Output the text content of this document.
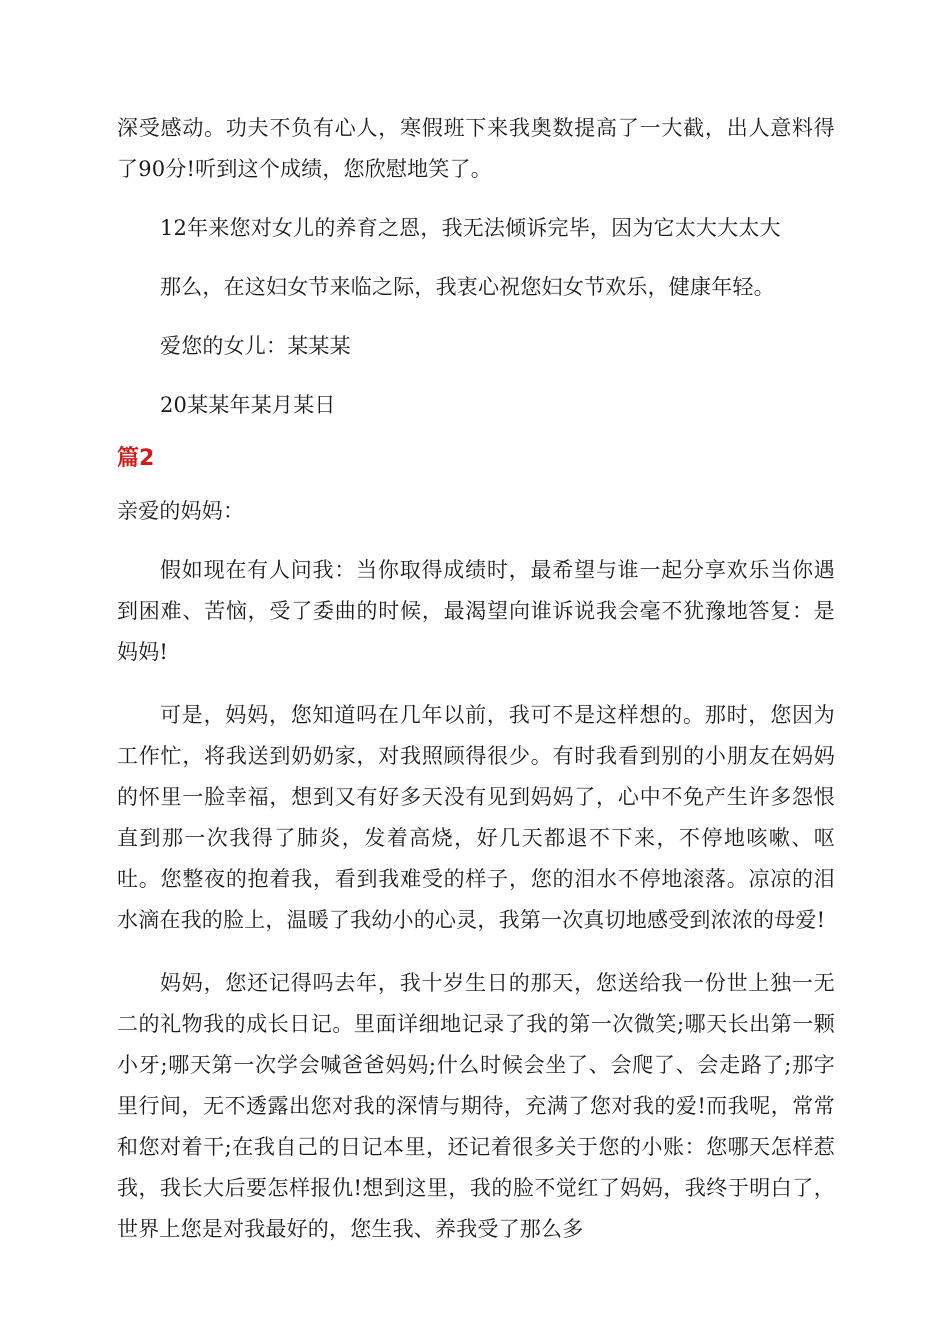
深受感动。功夫不负有心人，寒假班下来我奥数提高了一大截，出人意料得了90分!听到这个成绩，您欣慰地笑了。

12年来您对女儿的养育之恩，我无法倾诉完毕，因为它太大大太大

那么，在这妇女节来临之际，我衷心祝您妇女节欢乐，健康年轻。

爱您的女儿：某某某

20某某年某月某日

篇2

亲爱的妈妈：

假如现在有人问我：当你取得成绩时，最希望与谁一起分享欢乐当你遇到困难、苦恼，受了委曲的时候，最渴望向谁诉说我会毫不犹豫地答复：是妈妈!

可是，妈妈，您知道吗在几年以前，我可不是这样想的。那时，您因为工作忙，将我送到奶奶家，对我照顾得很少。有时我看到别的小朋友在妈妈的怀里一脸幸福，想到又有好多天没有见到妈妈了，心中不免产生许多怨恨直到那一次我得了肺炎，发着高烧，好几天都退不下来，不停地咳嗽、呕吐。您整夜的抱着我，看到我难受的样子，您的泪水不停地滚落。凉凉的泪水滴在我的脸上，温暖了我幼小的心灵，我第一次真切地感受到浓浓的母爱!

妈妈，您还记得吗去年，我十岁生日的那天，您送给我一份世上独一无二的礼物我的成长日记。里面详细地记录了我的第一次微笑;哪天长出第一颗小牙;哪天第一次学会喊爸爸妈妈;什么时候会坐了、会爬了、会走路了;那字里行间，无不透露出您对我的深情与期待，充满了您对我的爱!而我呢，常常和您对着干;在我自己的日记本里，还记着很多关于您的小账：您哪天怎样惹我，我长大后要怎样报仇!想到这里，我的脸不觉红了妈妈，我终于明白了，世界上您是对我最好的，您生我、养我受了那么多
